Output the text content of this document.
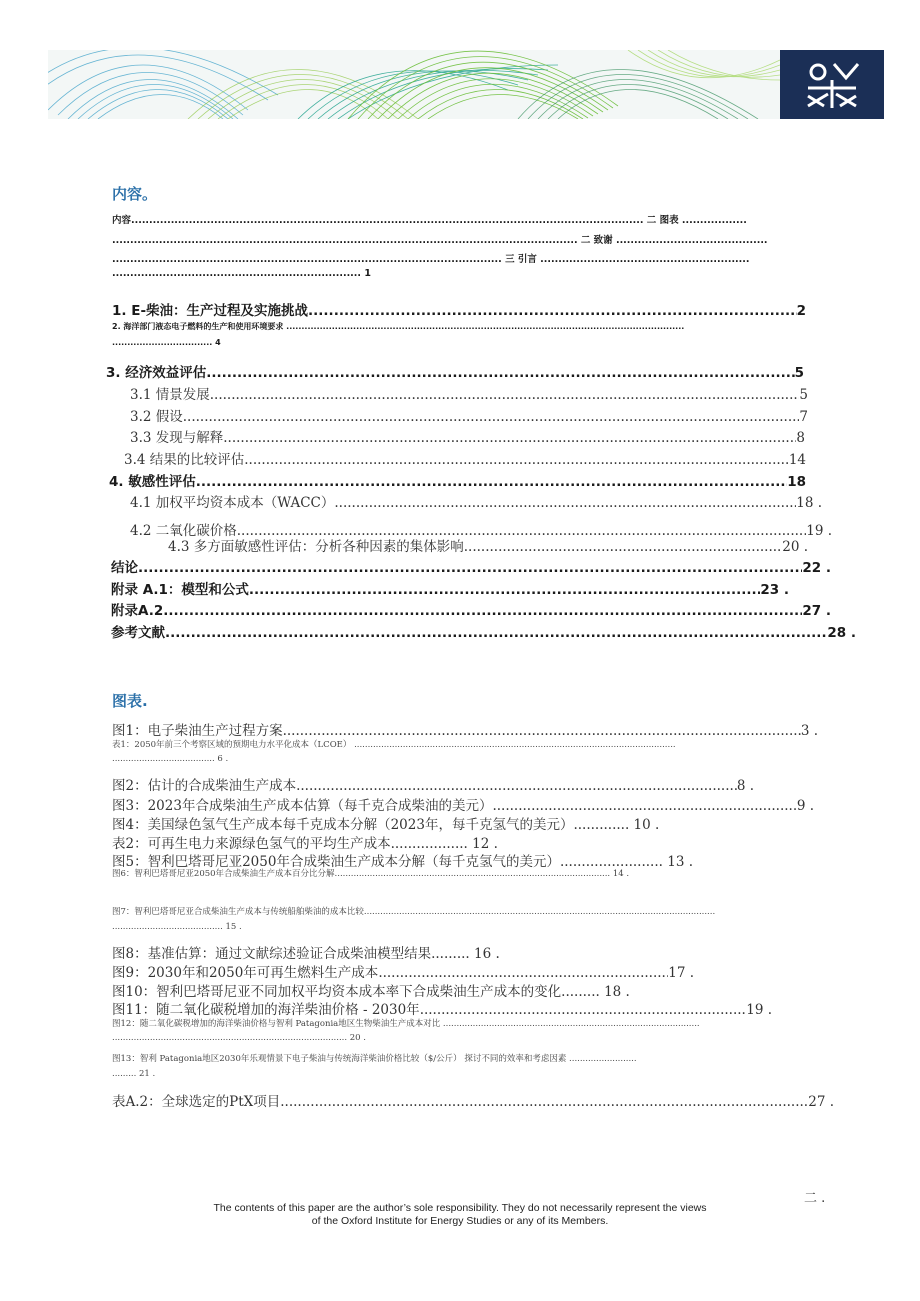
内容。
内容.............................................................................................................................................. 二 图表 ..................
................................................................................................................................. 二 致谢 ..........................................
............................................................................................................ 三 引言 ..........................................................
..................................................................... 1
1. E-柴油：生产过程及实施挑战 .....	2
2. 海洋部门液态电子燃料的生产和使用环境要求 ...................................................................................................................................
................................. 4
3. 经济效益评估 .....	5
3.1 情景发展 .....	5
3.2 假设 .....	7
3.3 发现与解释 .....	8
3.4 结果的比较评估 .....	14
4. 敏感性评估 .....	18
4.1 加权平均资本成本（WACC） .....	18 .
4.2 二氧化碳价格 .....	19 .
4.3 多方面敏感性评估：分析各种因素的集体影响 .....	20 .
结论 .....	22 .
附录 A.1：模型和公式 .....	23 .
附录A.2 .....	27 .
参考文献 .....	28 .
图表.
图1：电子柴油生产过程方案 .....	3 .
表1：2050年前三个考察区域的预期电力水平化成本（LCOE） .......................................................................................................................
...................................... 6 .
图2：估计的合成柴油生产成本 .....	8 .
图3：2023年合成柴油生产成本估算（每千克合成柴油的美元） .....	9 .
图4：美国绿色氢气生产成本每千克成本分解（2023年，每千克氢气的美元）............. 10 .
表2：可再生电力来源绿色氢气的平均生产成本.................. 12 .
图5：智利巴塔哥尼亚2050年合成柴油生产成本分解（每千克氢气的美元）........................ 13 .
图6：智利巴塔哥尼亚2050年合成柴油生产成本百分比分解...................................................................................................... 14 .
图7：智利巴塔哥尼亚合成柴油生产成本与传统船舶柴油的成本比较..................................................................................................................................
......................................... 15 .
图8：基准估算：通过文献综述验证合成柴油模型结果......... 16 .
图9：2030年和2050年可再生燃料生产成本 .....	17 .
图10：智利巴塔哥尼亚不同加权平均资本成本率下合成柴油生产成本的变化......... 18 .
图11：随二氧化碳税增加的海洋柴油价格 - 2030年 .....	19 .
图12：随二氧化碳税增加的海洋柴油价格与智利 Patagonia地区生物柴油生产成本对比 ...............................................................................................
....................................................................................... 20 .
图13：智利 Patagonia地区2030年乐观情景下电子柴油与传统海洋柴油价格比较（$/公斤） 探讨不同的效率和考虑因素 .........................
......... 21 .
表A.2：全球选定的PtX项目 .....	27 .
二 .
The contents of this paper are the author’s sole responsibility. They do not necessarily represent the views
of the Oxford Institute for Energy Studies or any of its Members.
